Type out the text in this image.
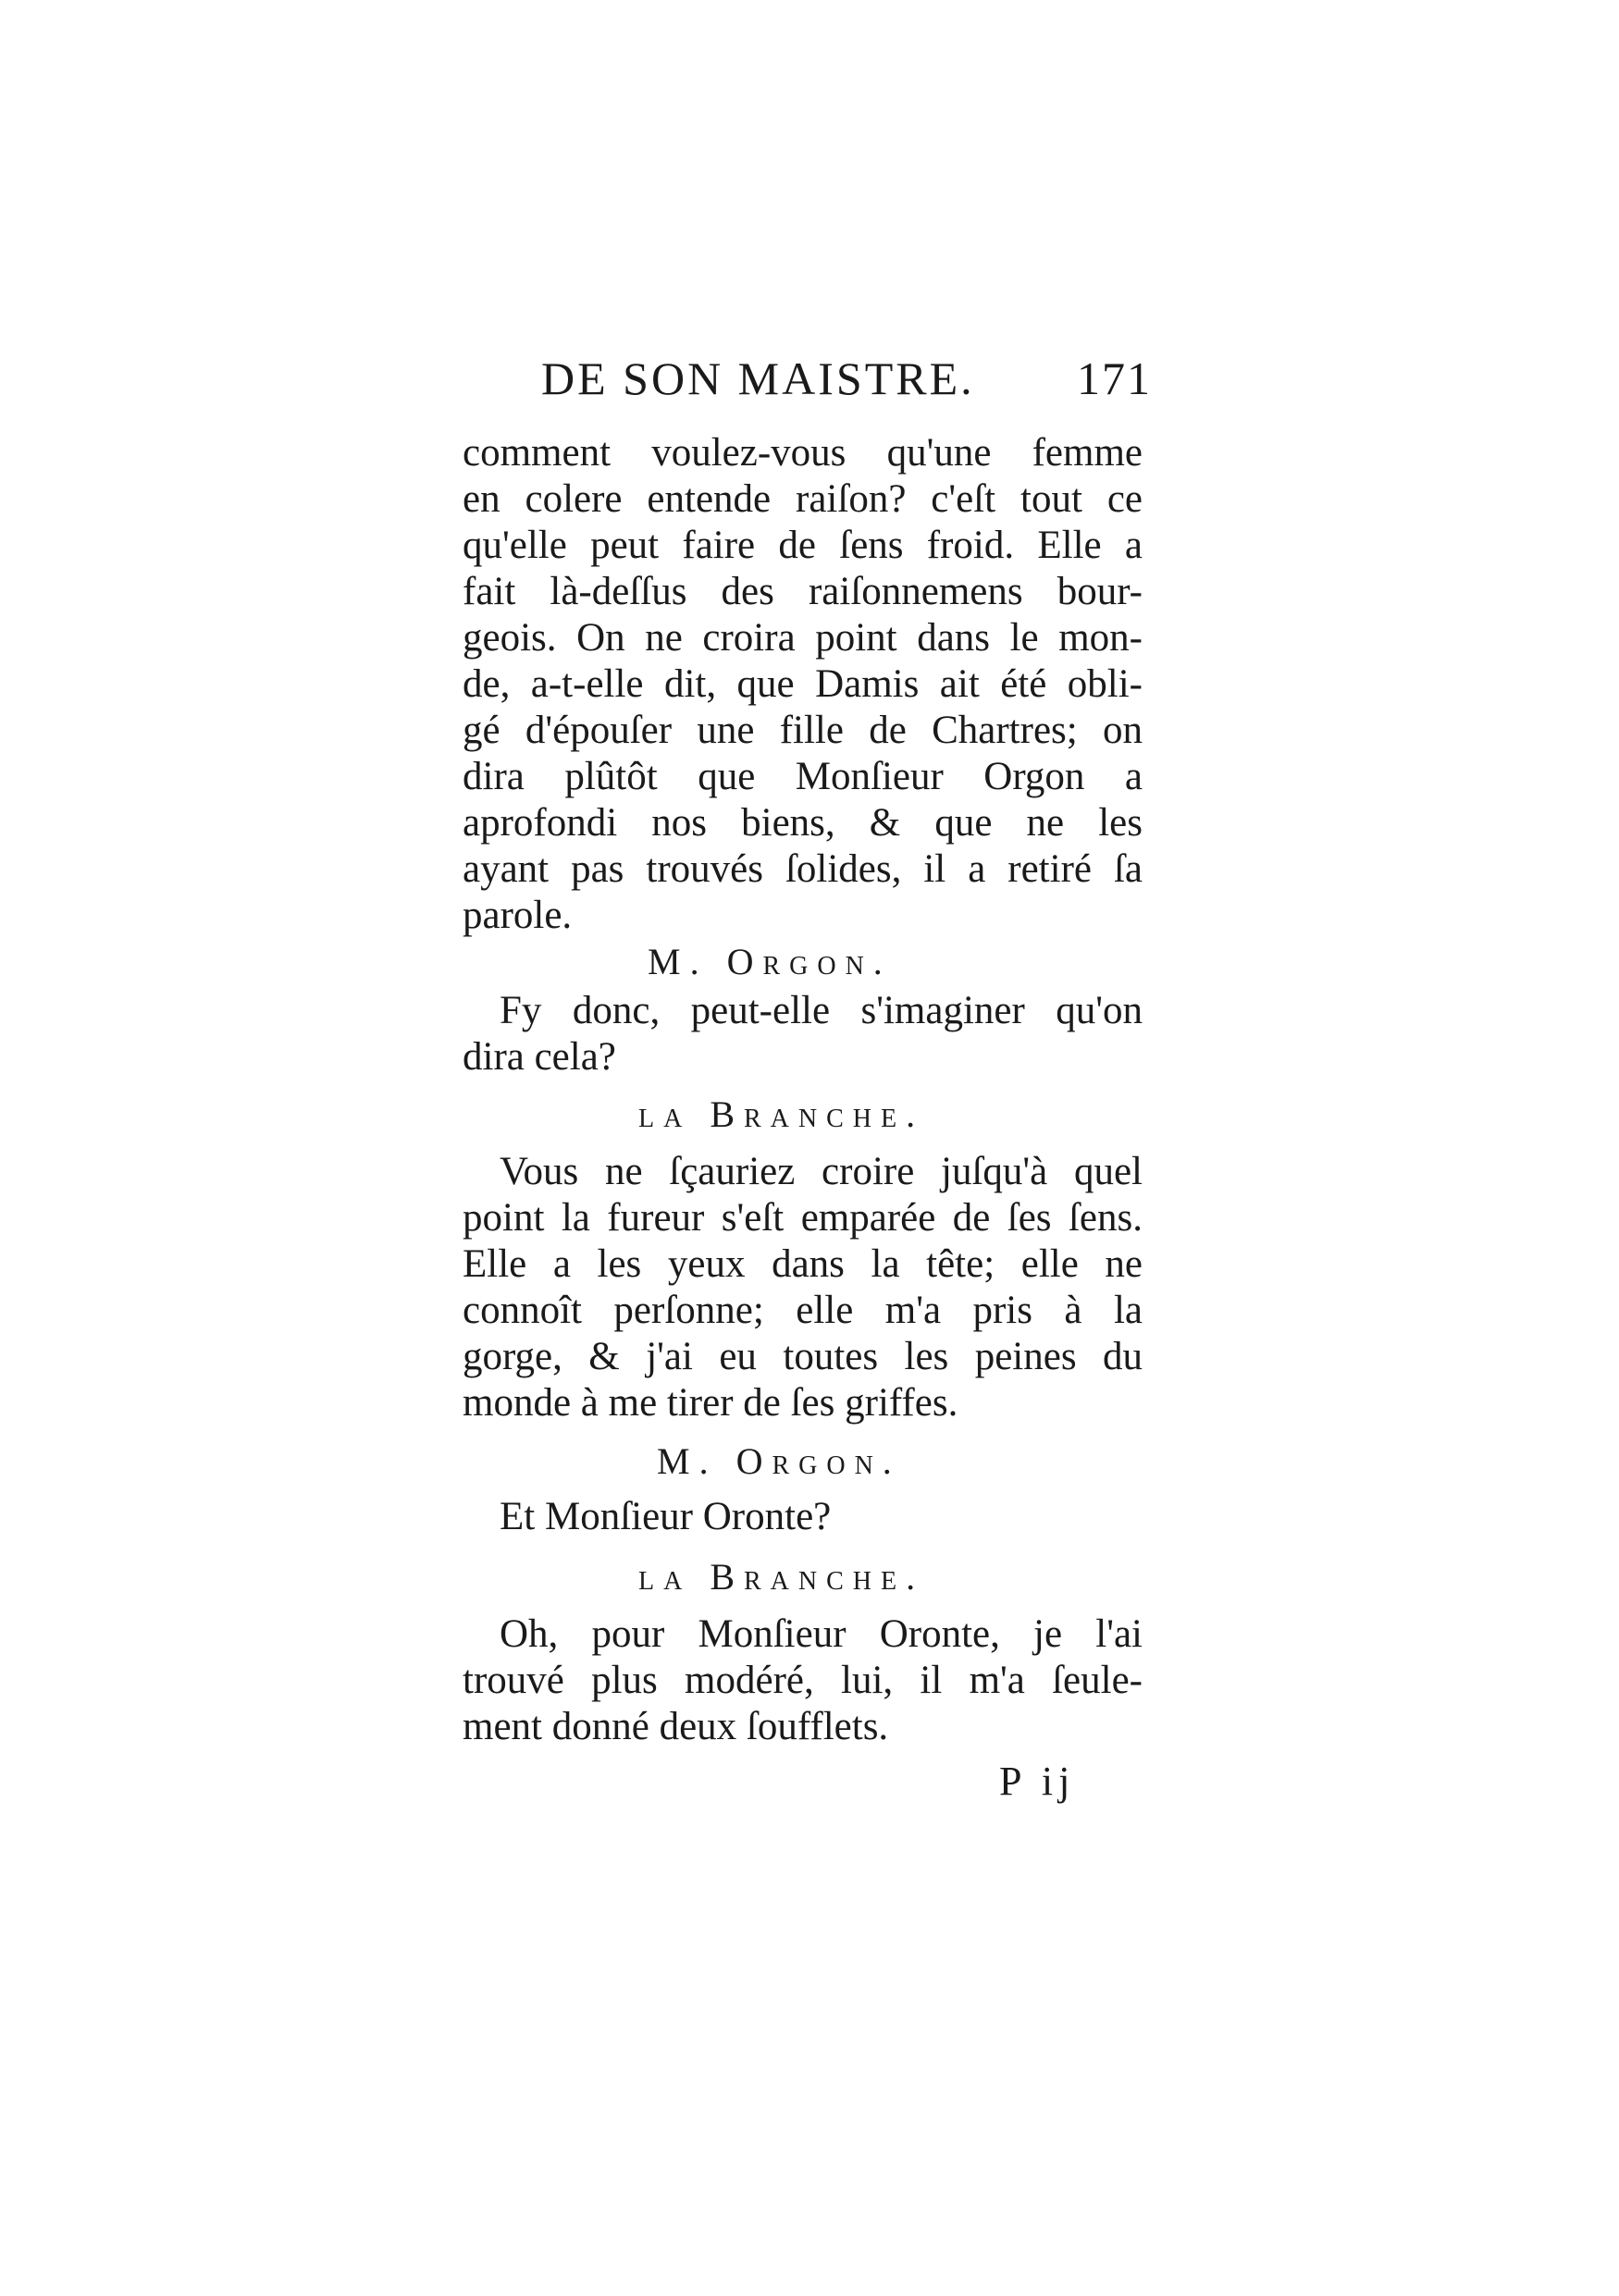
DE SON MAISTRE. 171
comment voulez-vous qu'une femme
en colere entende raiſon? c'eſt tout ce
qu'elle peut faire de ſens froid. Elle a
fait là-deſſus des raiſonnemens bour-
geois. On ne croira point dans le mon-
de, a-t-elle dit, que Damis ait été obli-
gé d'épouſer une fille de Chartres; on
dira plûtôt que Monſieur Orgon a
aprofondi nos biens, & que ne les
ayant pas trouvés ſolides, il a retiré ſa
parole.
M. Orgon.
Fy donc, peut-elle s'imaginer qu'on
dira cela?
la Branche.
Vous ne ſçauriez croire juſqu'à quel
point la fureur s'eſt emparée de ſes ſens.
Elle a les yeux dans la tête; elle ne
connoît perſonne; elle m'a pris à la
gorge, & j'ai eu toutes les peines du
monde à me tirer de ſes griffes.
M. Orgon.
Et Monſieur Oronte?
la Branche.
Oh, pour Monſieur Oronte, je l'ai
trouvé plus modéré, lui, il m'a ſeule-
ment donné deux ſoufflets.
P ij
